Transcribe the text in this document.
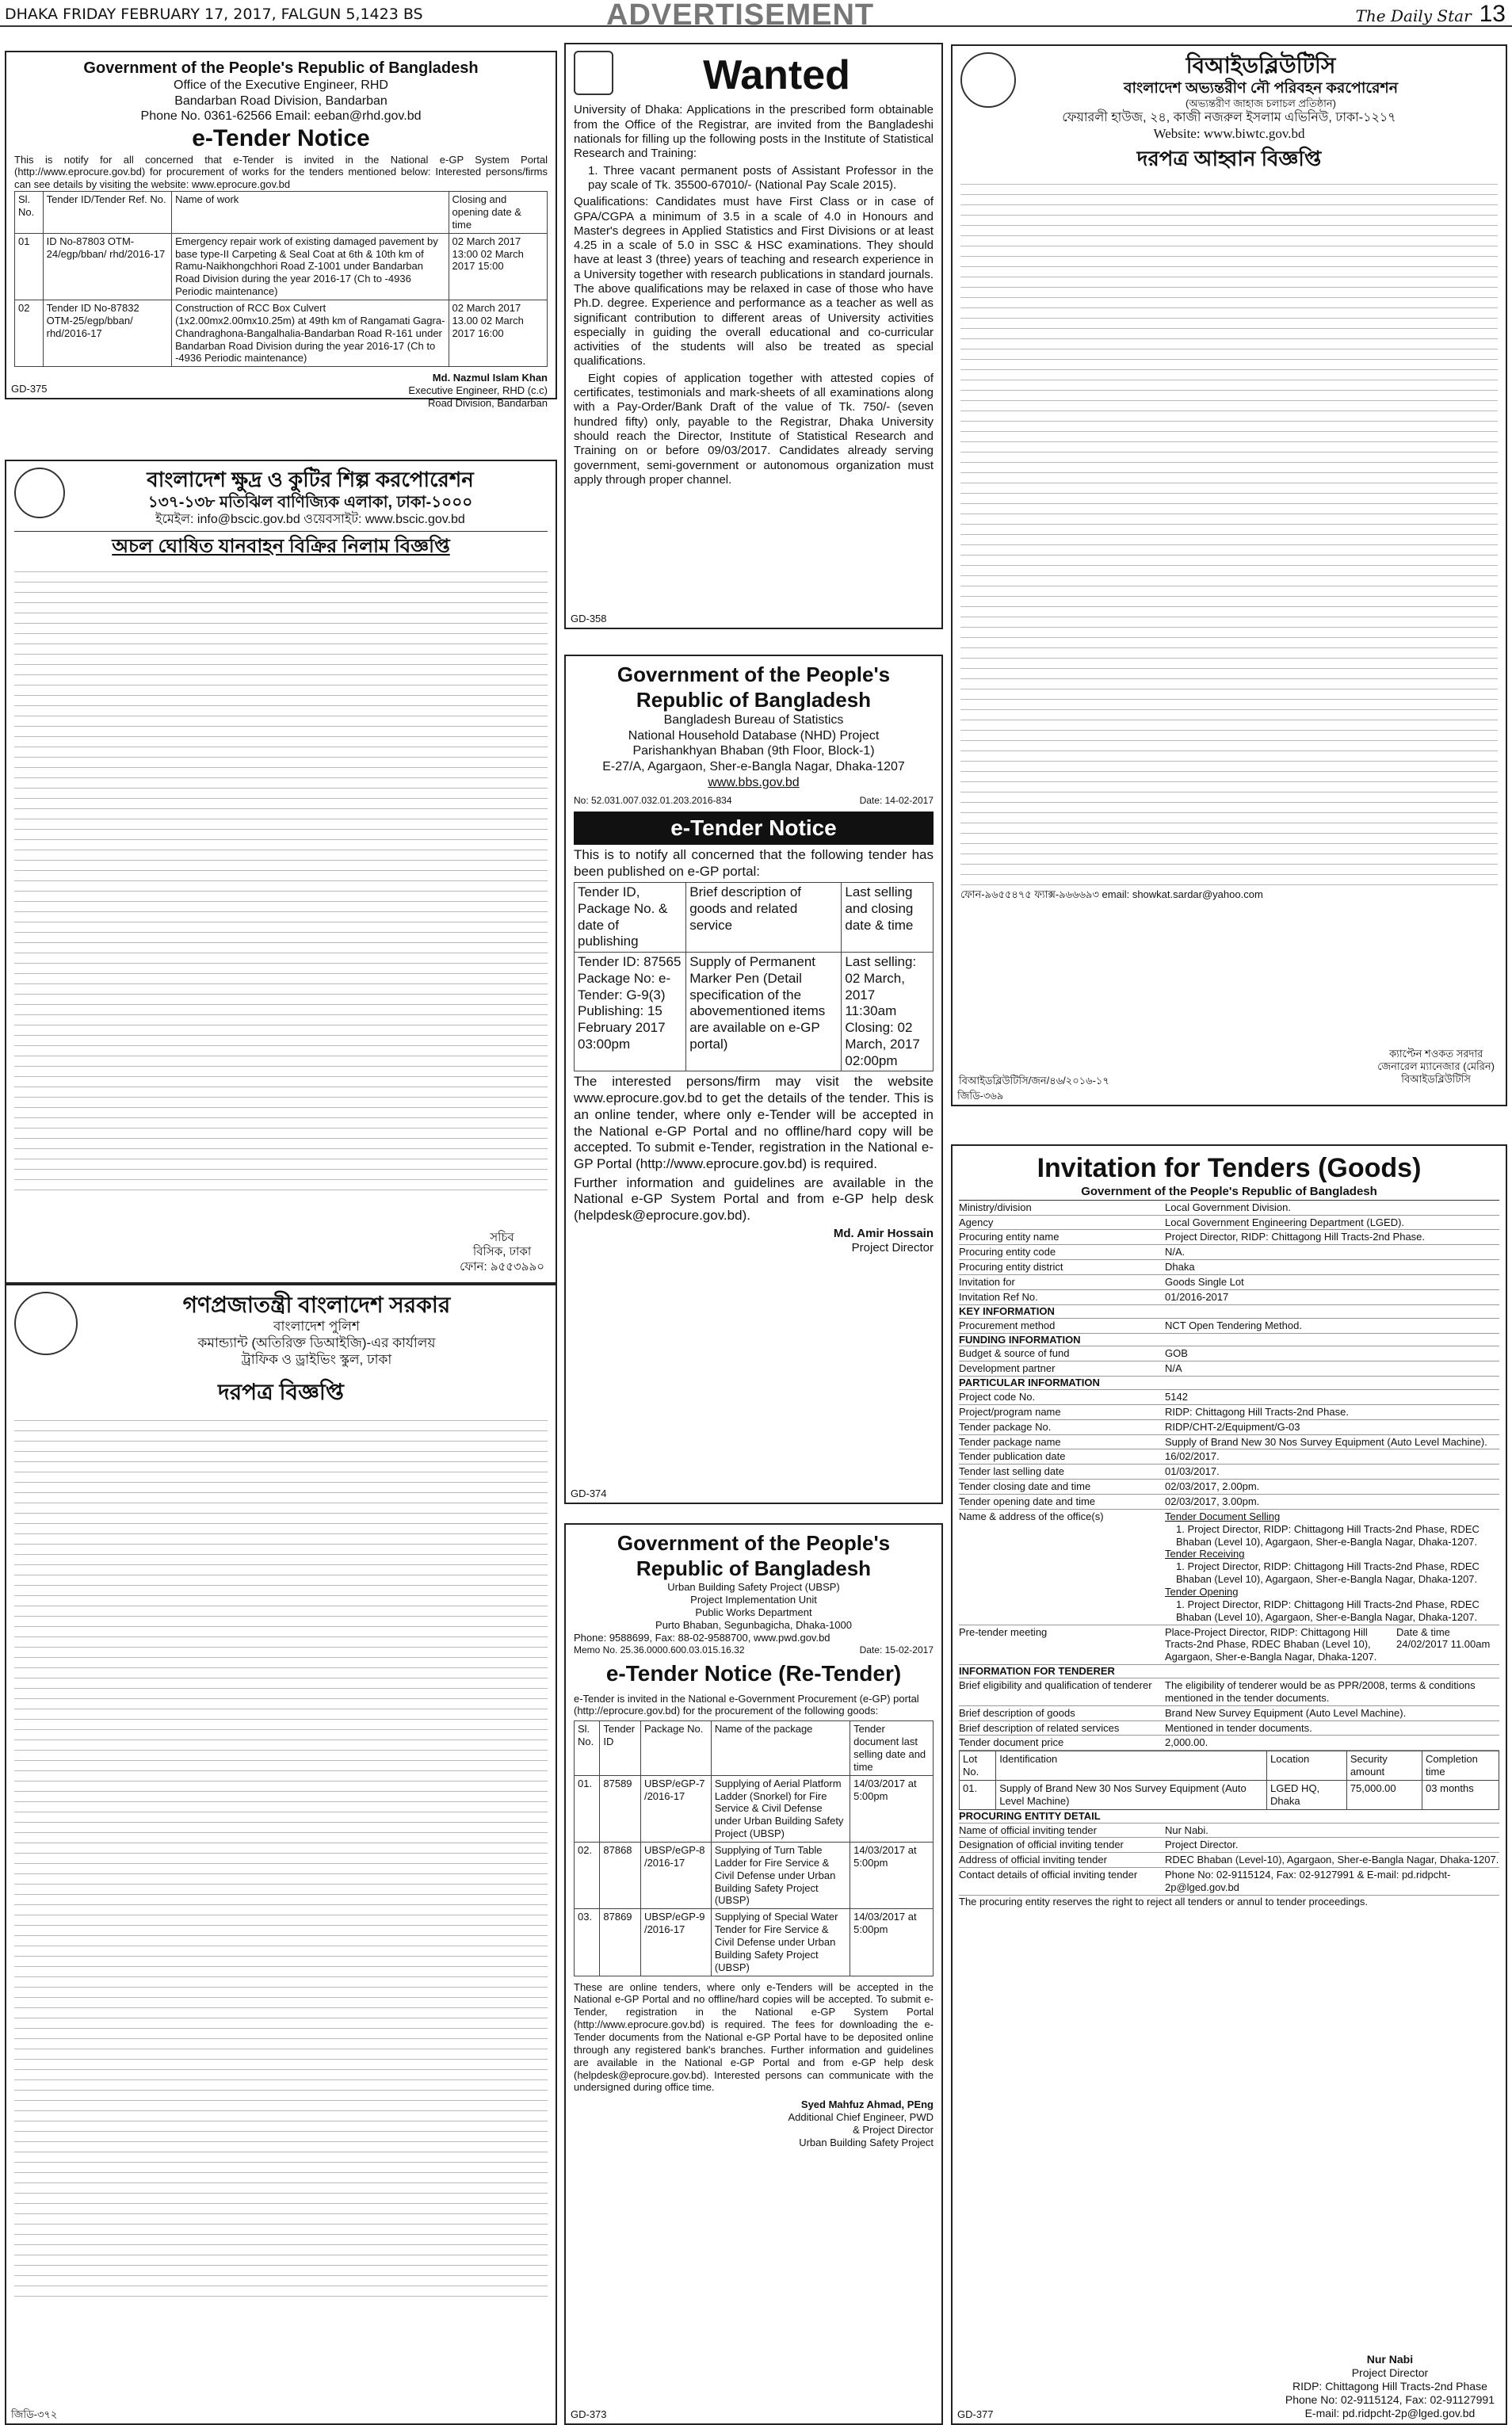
DHAKA FRIDAY FEBRUARY 17, 2017, FALGUN 5,1423 BS	ADVERTISEMENT	The Daily Star 13
Government of the People's Republic of Bangladesh
Office of the Executive Engineer, RHD
Bandarban Road Division, Bandarban
Phone No. 0361-62566 Email: eeban@rhd.gov.bd
e-Tender Notice
This is notify for all concerned that e-Tender is invited in the National e-GP System Portal (http://www.eprocure.gov.bd) for procurement of works for the tenders mentioned below: Interested persons/firms can see details by visiting the website: www.eprocure.gov.bd
Sl. No.	Tender ID/Tender Ref. No.	Name of work	Closing and opening date & time
01	ID No-87803 OTM-24/egp/bban/ rhd/2016-17	Emergency repair work of existing damaged pavement by base type-II Carpeting & Seal Coat at 6th & 10th km of Ramu-Naikhongchhori Road Z-1001 under Bandarban Road Division during the year 2016-17 (Ch to -4936 Periodic maintenance)	02 March 2017 13:00 02 March 2017 15:00
02	Tender ID No-87832 OTM-25/egp/bban/ rhd/2016-17	Construction of RCC Box Culvert (1x2.00mx2.00mx10.25m) at 49th km of Rangamati Gagra-Chandraghona-Bangalhalia-Bandarban Road R-161 under Bandarban Road Division during the year 2016-17 (Ch to -4936 Periodic maintenance)	02 March 2017 13.00 02 March 2017 16:00
Md. Nazmul Islam Khan
Executive Engineer, RHD (c.c)
Road Division, Bandarban
GD-375
বাংলাদেশ ক্ষুদ্র ও কুটির শিল্প করপোরেশন
১৩৭-১৩৮ মতিঝিল বাণিজ্যিক এলাকা, ঢাকা-১০০০
ইমেইল: info@bscic.gov.bd ওয়েবসাইট: www.bscic.gov.bd
অচল ঘোষিত যানবাহন বিক্রির নিলাম বিজ্ঞপ্তি
সচিব
বিসিক, ঢাকা
ফোন: ৯৫৫৩৯৯০
গণপ্রজাতন্ত্রী বাংলাদেশ সরকার
বাংলাদেশ পুলিশ
কমান্ড্যান্ট (অতিরিক্ত ডিআইজি)-এর কার্যালয়
ট্রাফিক ও ড্রাইভিং স্কুল, ঢাকা
দরপত্র বিজ্ঞপ্তি
জিডি-৩৭২
Wanted
University of Dhaka: Applications in the prescribed form obtainable from the Office of the Registrar, are invited from the Bangladeshi nationals for filling up the following posts in the Institute of Statistical Research and Training:
1. Three vacant permanent posts of Assistant Professor in the pay scale of Tk. 35500-67010/- (National Pay Scale 2015).
Qualifications: Candidates must have First Class or in case of GPA/CGPA a minimum of 3.5 in a scale of 4.0 in Honours and Master's degrees in Applied Statistics and First Divisions or at least 4.25 in a scale of 5.0 in SSC & HSC examinations. They should have at least 3 (three) years of teaching and research experience in a University together with research publications in standard journals. The above qualifications may be relaxed in case of those who have Ph.D. degree. Experience and performance as a teacher as well as significant contribution to different areas of University activities especially in guiding the overall educational and co-curricular activities of the students will also be treated as special qualifications.
Eight copies of application together with attested copies of certificates, testimonials and mark-sheets of all examinations along with a Pay-Order/Bank Draft of the value of Tk. 750/- (seven hundred fifty) only, payable to the Registrar, Dhaka University should reach the Director, Institute of Statistical Research and Training on or before 09/03/2017. Candidates already serving government, semi-government or autonomous organization must apply through proper channel.
GD-358
Government of the People's Republic of Bangladesh
Bangladesh Bureau of Statistics
National Household Database (NHD) Project
Parishankhyan Bhaban (9th Floor, Block-1)
E-27/A, Agargaon, Sher-e-Bangla Nagar, Dhaka-1207
www.bbs.gov.bd
No: 52.031.007.032.01.203.2016-834	Date: 14-02-2017
e-Tender Notice
This is to notify all concerned that the following tender has been published on e-GP portal:
Tender ID, Package No. & date of publishing	Brief description of goods and related service	Last selling and closing date & time
Tender ID: 87565 Package No: e-Tender: G-9(3) Publishing: 15 February 2017 03:00pm	Supply of Permanent Marker Pen (Detail specification of the abovementioned items are available on e-GP portal)	Last selling: 02 March, 2017 11:30am Closing: 02 March, 2017 02:00pm
The interested persons/firm may visit the website www.eprocure.gov.bd to get the details of the tender. This is an online tender, where only e-Tender will be accepted in the National e-GP Portal and no offline/hard copy will be accepted. To submit e-Tender, registration in the National e-GP Portal (http://www.eprocure.gov.bd) is required.
Further information and guidelines are available in the National e-GP System Portal and from e-GP help desk (helpdesk@eprocure.gov.bd).
Md. Amir Hossain
Project Director
GD-374
Government of the People's Republic of Bangladesh
Urban Building Safety Project (UBSP)
Project Implementation Unit
Public Works Department
Purto Bhaban, Segunbagicha, Dhaka-1000
Phone: 9588699, Fax: 88-02-9588700, www.pwd.gov.bd
Memo No. 25.36.0000.600.03.015.16.32	Date: 15-02-2017
e-Tender Notice (Re-Tender)
e-Tender is invited in the National e-Government Procurement (e-GP) portal (http://eprocure.gov.bd) for the procurement of the following goods:
Sl. No.	Tender ID	Package No.	Name of the package	Tender document last selling date and time
01.	87589	UBSP/eGP-7 /2016-17	Supplying of Aerial Platform Ladder (Snorkel) for Fire Service & Civil Defense under Urban Building Safety Project (UBSP)	14/03/2017 at 5:00pm
02.	87868	UBSP/eGP-8 /2016-17	Supplying of Turn Table Ladder for Fire Service & Civil Defense under Urban Building Safety Project (UBSP)	14/03/2017 at 5:00pm
03.	87869	UBSP/eGP-9 /2016-17	Supplying of Special Water Tender for Fire Service & Civil Defense under Urban Building Safety Project (UBSP)	14/03/2017 at 5:00pm
These are online tenders, where only e-Tenders will be accepted in the National e-GP Portal and no offline/hard copies will be accepted. To submit e-Tender, registration in the National e-GP System Portal (http://www.eprocure.gov.bd) is required. The fees for downloading the e-Tender documents from the National e-GP Portal have to be deposited online through any registered bank's branches. Further information and guidelines are available in the National e-GP Portal and from e-GP help desk (helpdesk@eprocure.gov.bd). Interested persons can communicate with the undersigned during office time.
Syed Mahfuz Ahmad, PEng
Additional Chief Engineer, PWD
& Project Director
Urban Building Safety Project
GD-373
বিআইডব্লিউটিসি
বাংলাদেশ অভ্যন্তরীণ নৌ পরিবহন করপোরেশন
(অভ্যন্তরীণ জাহাজ চলাচল প্রতিষ্ঠান)
ফেয়ারলী হাউজ, ২৪, কাজী নজরুল ইসলাম এভিনিউ, ঢাকা-১২১৭
Website: www.biwtc.gov.bd
দরপত্র আহ্বান বিজ্ঞপ্তি
ফোন-৯৬৫৫৪৭৫ ফ্যাক্স-৯৬৬৬৯৩ email: showkat.sardar@yahoo.com
ক্যাপ্টেন শওকত সরদার
জেনারেল ম্যানেজার (মেরিন)
বিআইডব্লিউটিসি
বিআইডব্লিউটিসি/জন/৪৬/২০১৬-১৭
জিডি-৩৬৯
Invitation for Tenders (Goods)
Government of the People's Republic of Bangladesh
Ministry/division	Local Government Division.
Agency	Local Government Engineering Department (LGED).
Procuring entity name	Project Director, RIDP: Chittagong Hill Tracts-2nd Phase.
Procuring entity code	N/A.
Procuring entity district	Dhaka
Invitation for	Goods Single Lot
Invitation Ref No.	01/2016-2017
KEY INFORMATION
Procurement method	NCT Open Tendering Method.
FUNDING INFORMATION
Budget & source of fund	GOB
Development partner	N/A
PARTICULAR INFORMATION
Project code No.	5142
Project/program name	RIDP: Chittagong Hill Tracts-2nd Phase.
Tender package No.	RIDP/CHT-2/Equipment/G-03
Tender package name	Supply of Brand New 30 Nos Survey Equipment (Auto Level Machine).
Tender publication date	16/02/2017.
Tender last selling date	01/03/2017.
Tender closing date and time	02/03/2017, 2.00pm.
Tender opening date and time	02/03/2017, 3.00pm.
Name & address of the office(s)	Tender Document Selling
1. Project Director, RIDP: Chittagong Hill Tracts-2nd Phase, RDEC Bhaban (Level 10), Agargaon, Sher-e-Bangla Nagar, Dhaka-1207.
Tender Receiving
1. Project Director, RIDP: Chittagong Hill Tracts-2nd Phase, RDEC Bhaban (Level 10), Agargaon, Sher-e-Bangla Nagar, Dhaka-1207.
Tender Opening
1. Project Director, RIDP: Chittagong Hill Tracts-2nd Phase, RDEC Bhaban (Level 10), Agargaon, Sher-e-Bangla Nagar, Dhaka-1207.
Pre-tender meeting	Place-Project Director, RIDP: Chittagong Hill Tracts-2nd Phase, RDEC Bhaban (Level 10), Agargaon, Sher-e-Bangla Nagar, Dhaka-1207.
Date & time 24/02/2017 11.00am
INFORMATION FOR TENDERER
Brief eligibility and qualification of tenderer	The eligibility of tenderer would be as PPR/2008, terms & conditions mentioned in the tender documents.
Brief description of goods	Brand New Survey Equipment (Auto Level Machine).
Brief description of related services	Mentioned in tender documents.
Tender document price	2,000.00.
Lot No.	Identification	Location	Security amount	Completion time
01.	Supply of Brand New 30 Nos Survey Equipment (Auto Level Machine)	LGED HQ, Dhaka	75,000.00	03 months
PROCURING ENTITY DETAIL
Name of official inviting tender	Nur Nabi.
Designation of official inviting tender	Project Director.
Address of official inviting tender	RDEC Bhaban (Level-10), Agargaon, Sher-e-Bangla Nagar, Dhaka-1207.
Contact details of official inviting tender	Phone No: 02-9115124, Fax: 02-9127991 & E-mail: pd.ridpcht-2p@lged.gov.bd
The procuring entity reserves the right to reject all tenders or annul to tender proceedings.
Nur Nabi
Project Director
RIDP: Chittagong Hill Tracts-2nd Phase
Phone No: 02-9115124, Fax: 02-91127991
E-mail: pd.ridpcht-2p@lged.gov.bd
GD-377
